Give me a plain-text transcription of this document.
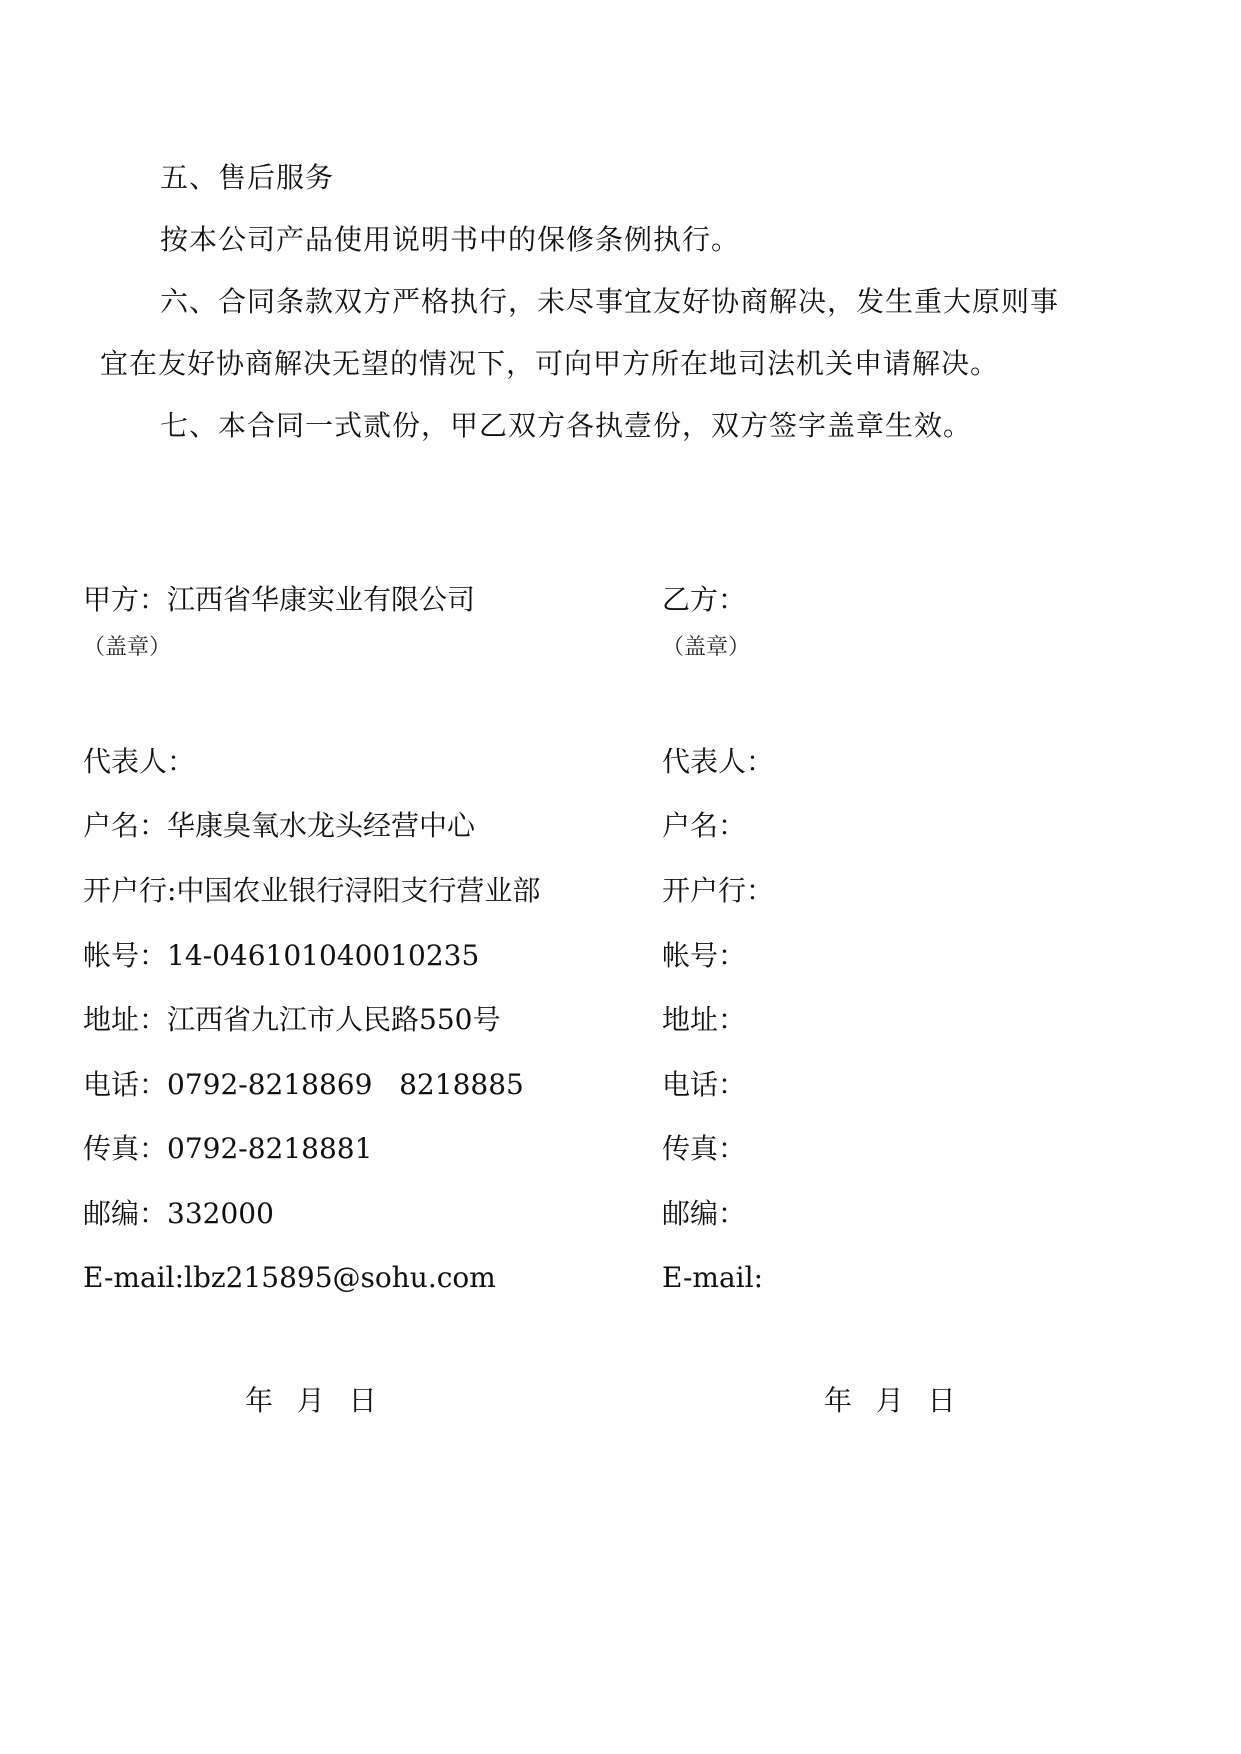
五、售后服务
按本公司产品使用说明书中的保修条例执行。
六、合同条款双方严格执行，未尽事宜友好协商解决，发生重大原则事
宜在友好协商解决无望的情况下，可向甲方所在地司法机关申请解决。
七、本合同一式贰份，甲乙双方各执壹份，双方签字盖章生效。
甲方：江西省华康实业有限公司
（盖章）
代表人：
户名：华康臭氧水龙头经营中心
开户行:中国农业银行浔阳支行营业部
帐号：14-046101040010235
地址：江西省九江市人民路550号
电话：0792-8218869   8218885
传真：0792-8218881
邮编：332000
E-mail:lbz215895@sohu.com
年  月  日
乙方：
（盖章）
代表人：
户名：
开户行：
帐号：
地址：
电话：
传真：
邮编：
E-mail:
年  月  日
